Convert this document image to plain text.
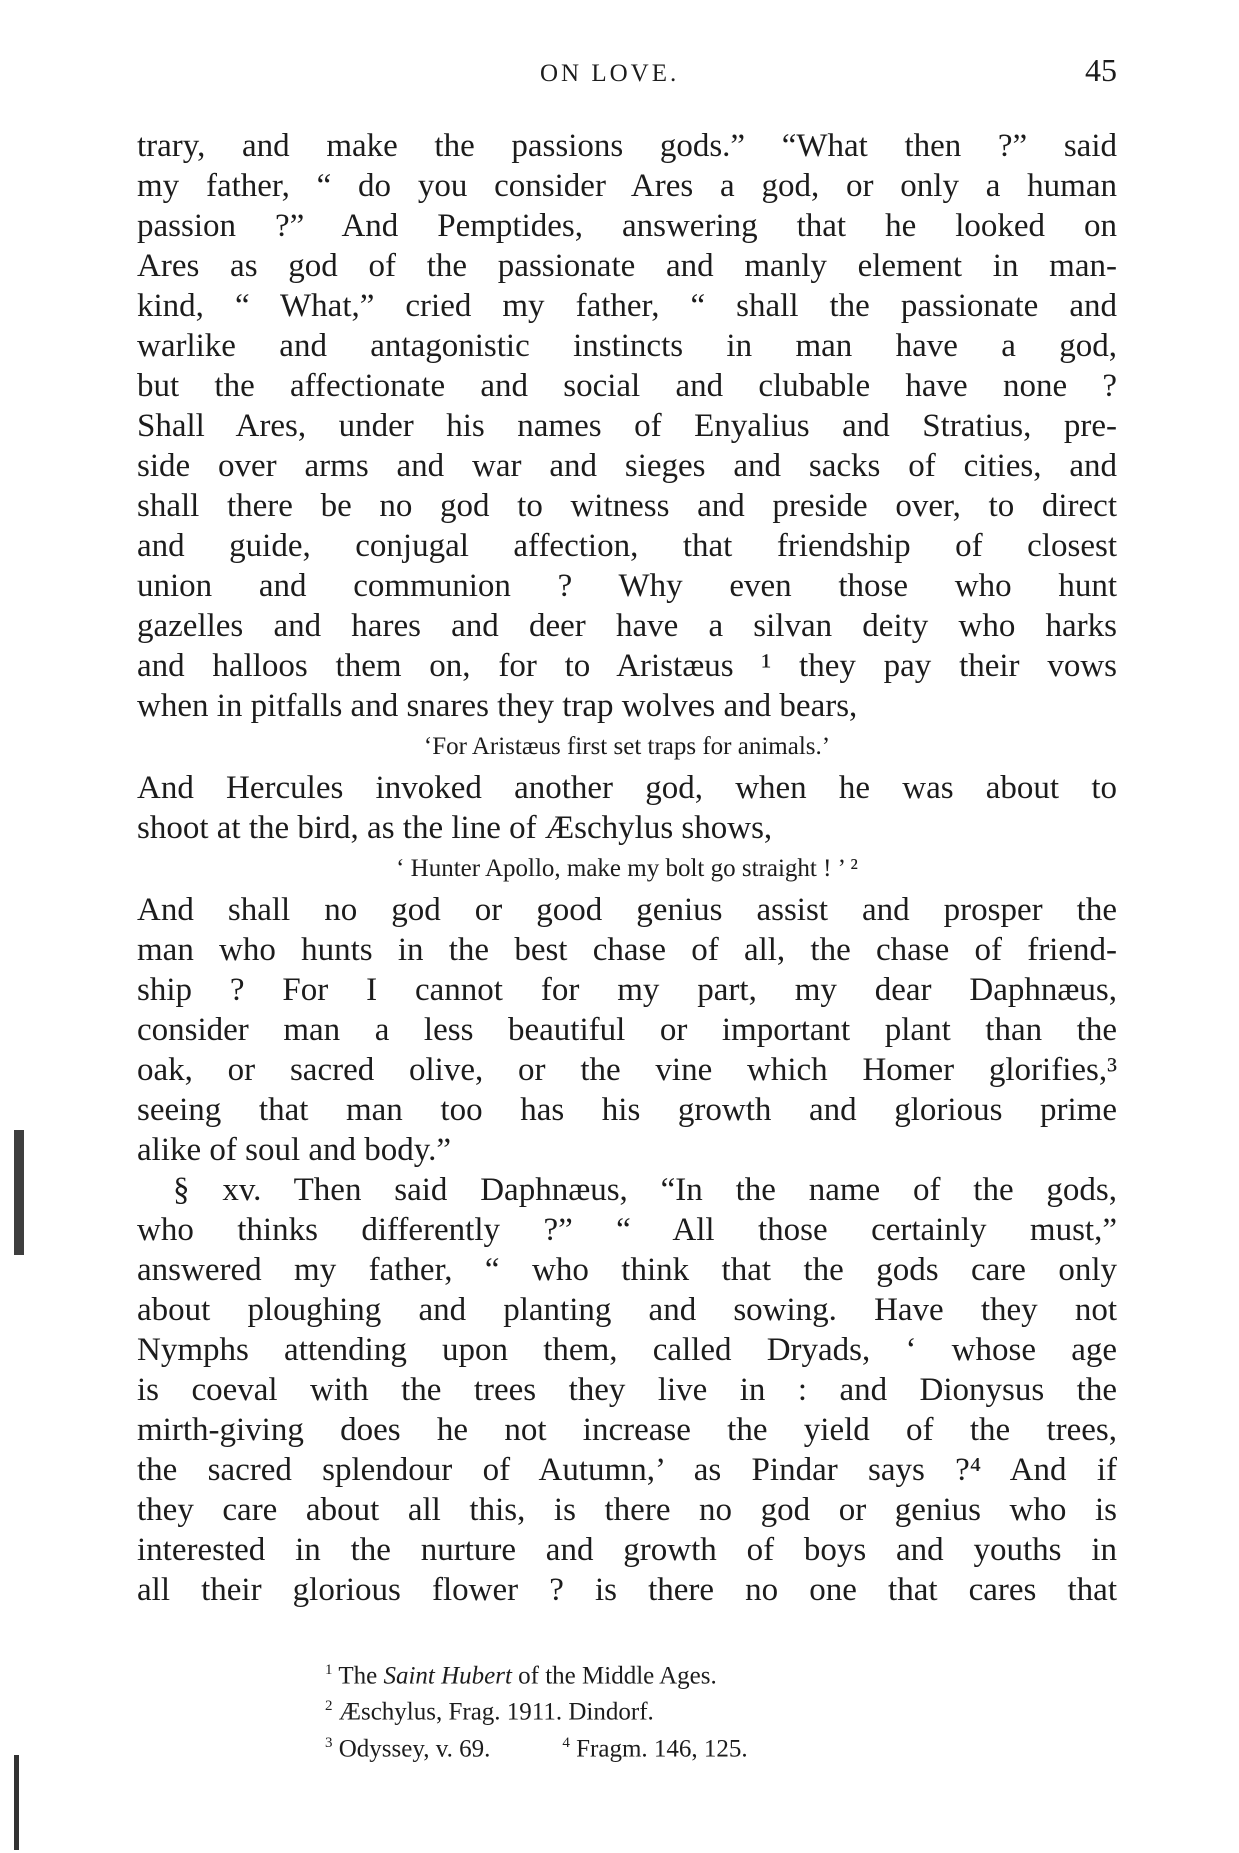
ON LOVE.	45
trary, and make the passions gods.” “What then ?” said
my father, “ do you consider Ares a god, or only a human
passion ?” And Pemptides, answering that he looked on
Ares as god of the passionate and manly element in man-
kind, “ What,” cried my father, “ shall the passionate and
warlike and antagonistic instincts in man have a god,
but the affectionate and social and clubable have none ?
Shall Ares, under his names of Enyalius and Stratius, pre-
side over arms and war and sieges and sacks of cities, and
shall there be no god to witness and preside over, to direct
and guide, conjugal affection, that friendship of closest
union and communion ? Why even those who hunt
gazelles and hares and deer have a silvan deity who harks
and halloos them on, for to Aristæus ¹ they pay their vows
when in pitfalls and snares they trap wolves and bears,
‘For Aristæus first set traps for animals.’
And Hercules invoked another god, when he was about to
shoot at the bird, as the line of Æschylus shows,
‘ Hunter Apollo, make my bolt go straight ! ’ ²
And shall no god or good genius assist and prosper the
man who hunts in the best chase of all, the chase of friend-
ship ? For I cannot for my part, my dear Daphnæus,
consider man a less beautiful or important plant than the
oak, or sacred olive, or the vine which Homer glorifies,³
seeing that man too has his growth and glorious prime
alike of soul and body.”
§ xv. Then said Daphnæus, “In the name of the gods,
who thinks differently ?” “ All those certainly must,”
answered my father, “ who think that the gods care only
about ploughing and planting and sowing. Have they not
Nymphs attending upon them, called Dryads, ‘ whose age
is coeval with the trees they live in : and Dionysus the
mirth-giving does he not increase the yield of the trees,
the sacred splendour of Autumn,’ as Pindar says ?⁴ And if
they care about all this, is there no god or genius who is
interested in the nurture and growth of boys and youths in
all their glorious flower ? is there no one that cares that
$^1$ The Saint Hubert of the Middle Ages.
$^2$ Æschylus, Frag. 1911. Dindorf.
$^3$ Odyssey, v. 69.	$^4$ Fragm. 146, 125.
